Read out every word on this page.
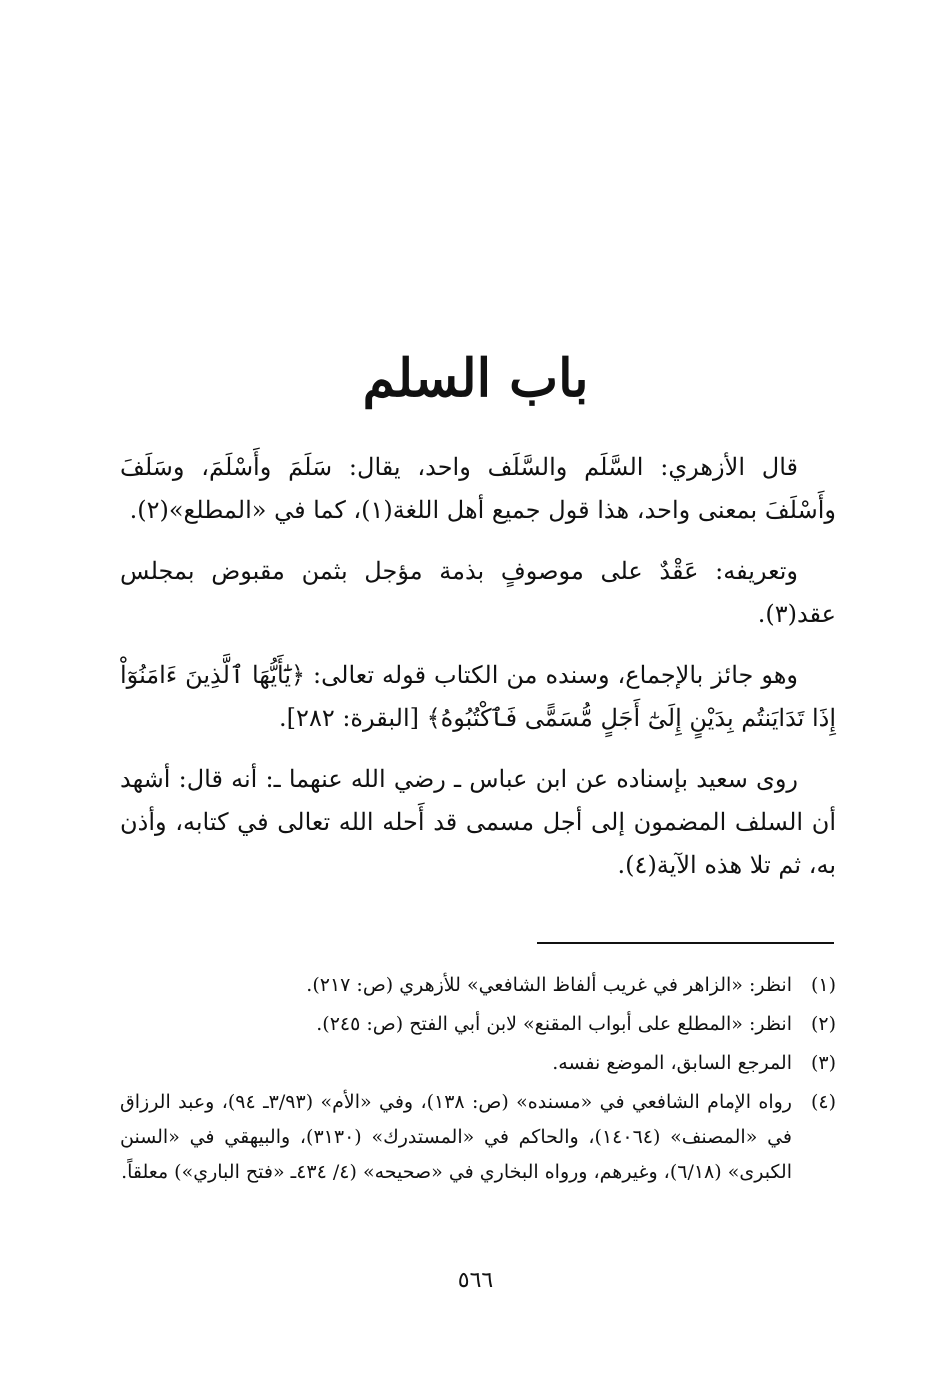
باب السلم

قال الأزهري: السَّلَم والسَّلَف واحد، يقال: سَلَمَ وأَسْلَمَ، وسَلَفَ وأَسْلَفَ بمعنى واحد، هذا قول جميع أهل اللغة(١)، كما في «المطلع»(٢).

وتعريفه: عَقْدٌ على موصوفٍ بذمة مؤجل بثمن مقبوض بمجلس عقد(٣).

وهو جائز بالإجماع، وسنده من الكتاب قوله تعالى: ﴿يَٰٓأَيُّهَا ٱلَّذِينَ ءَامَنُوٓاْ إِذَا تَدَايَنتُم بِدَيْنٍ إِلَىٰٓ أَجَلٍ مُّسَمًّى فَٱكْتُبُوهُ﴾ [البقرة: ٢٨٢].

روى سعيد بإسناده عن ابن عباس ـ رضي الله عنهما ـ: أنه قال: أشهد أن السلف المضمون إلى أجل مسمى قد أَحله الله تعالى في كتابه، وأذن به، ثم تلا هذه الآية(٤).

(١)
انظر: «الزاهر في غريب ألفاظ الشافعي» للأزهري (ص: ٢١٧).
(٢)
انظر: «المطلع على أبواب المقنع» لابن أبي الفتح (ص: ٢٤٥).
(٣)
المرجع السابق، الموضع نفسه.
(٤)
رواه الإمام الشافعي في «مسنده» (ص: ١٣٨)، وفي «الأم» (٣/٩٣ـ ٩٤)، وعبد الرزاق في «المصنف» (١٤٠٦٤)، والحاكم في «المستدرك» (٣١٣٠)، والبيهقي في «السنن الكبرى» (٦/١٨)، وغيرهم، ورواه البخاري في «صحيحه» (٤/ ٤٣٤ـ «فتح الباري») معلقاً.
٥٦٦
